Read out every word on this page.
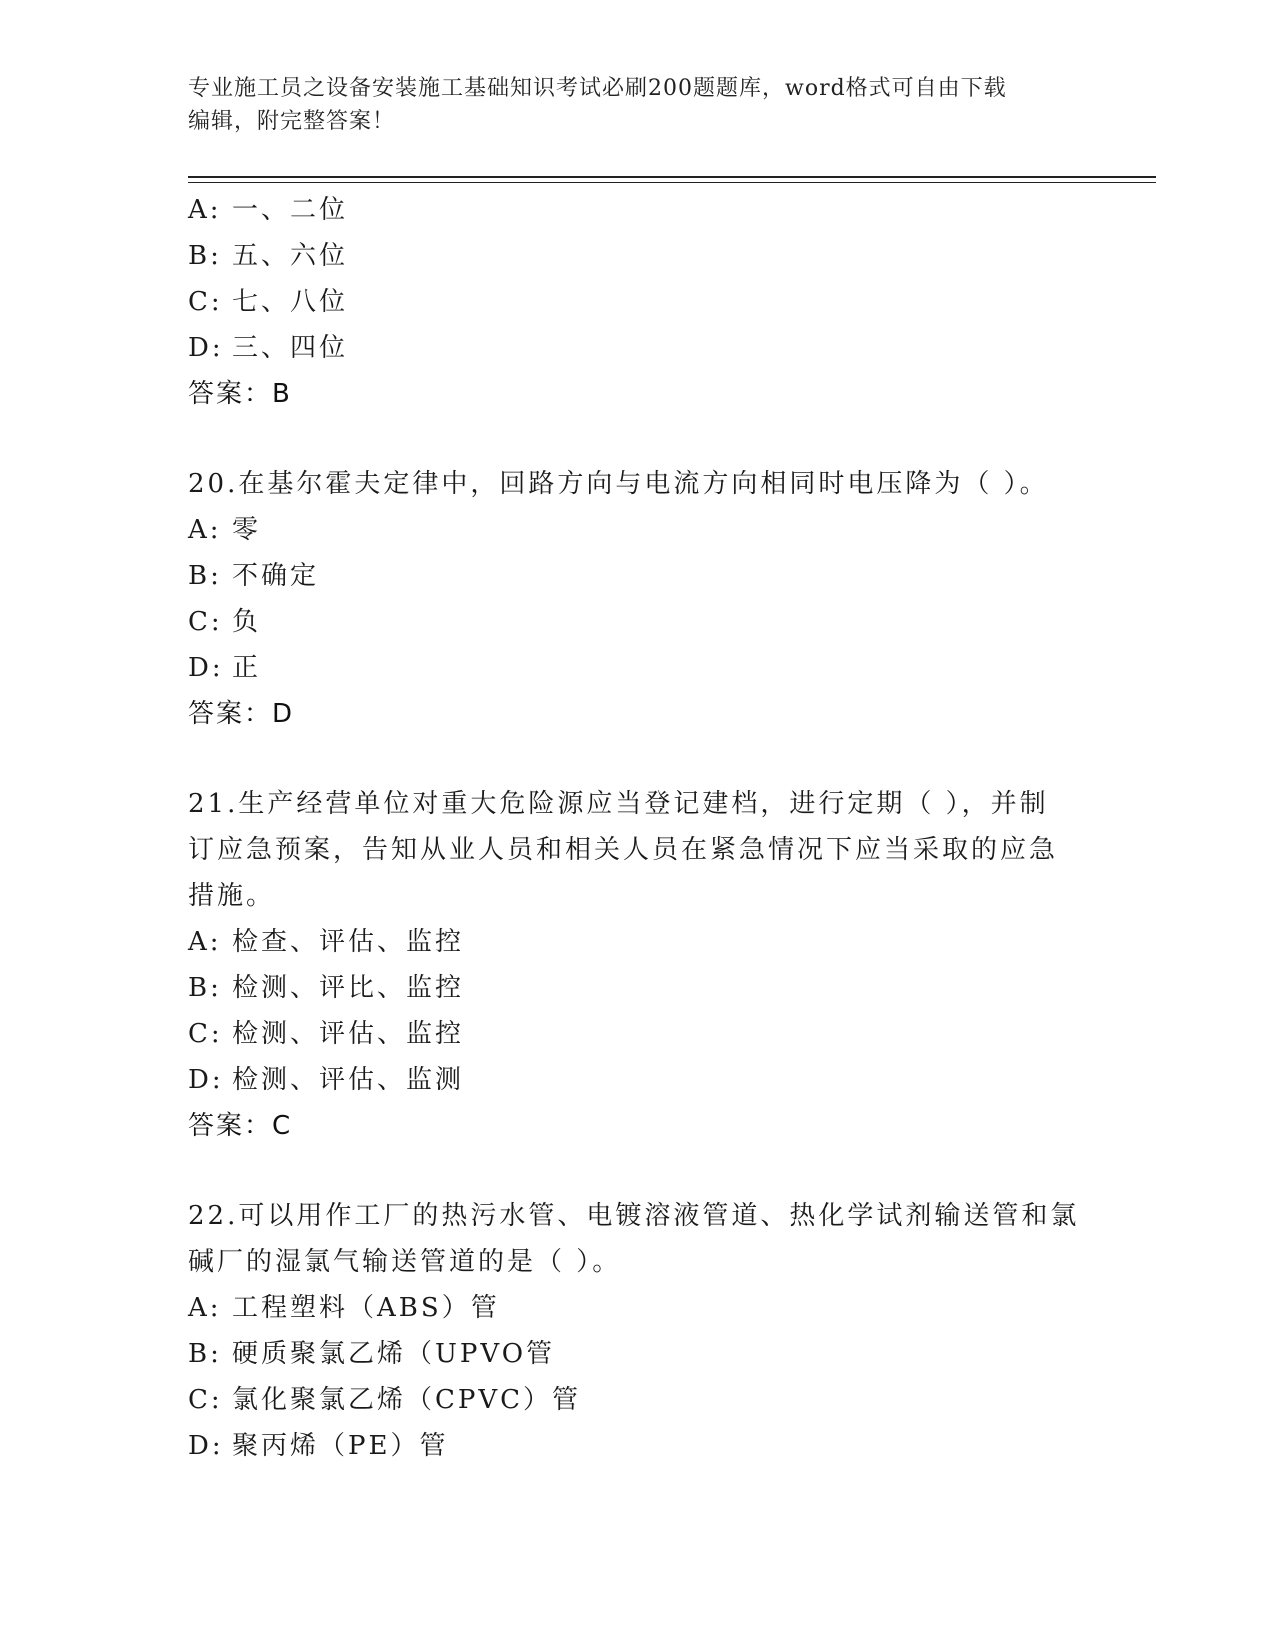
专业施工员之设备安装施工基础知识考试必刷200题题库，word格式可自由下载
编辑，附完整答案！
A: 一、二位
B: 五、六位
C: 七、八位
D: 三、四位
答案：B
20.在基尔霍夫定律中，回路方向与电流方向相同时电压降为（ ）。
A: 零
B: 不确定
C: 负
D: 正
答案：D
21.生产经营单位对重大危险源应当登记建档，进行定期（ ），并制
订应急预案，告知从业人员和相关人员在紧急情况下应当采取的应急
措施。
A: 检查、评估、监控
B: 检测、评比、监控
C: 检测、评估、监控
D: 检测、评估、监测
答案：C
22.可以用作工厂的热污水管、电镀溶液管道、热化学试剂输送管和氯
碱厂的湿氯气输送管道的是（ ）。
A: 工程塑料（ABS）管
B: 硬质聚氯乙烯（UPVO管
C: 氯化聚氯乙烯（CPVC）管
D: 聚丙烯（PE）管
